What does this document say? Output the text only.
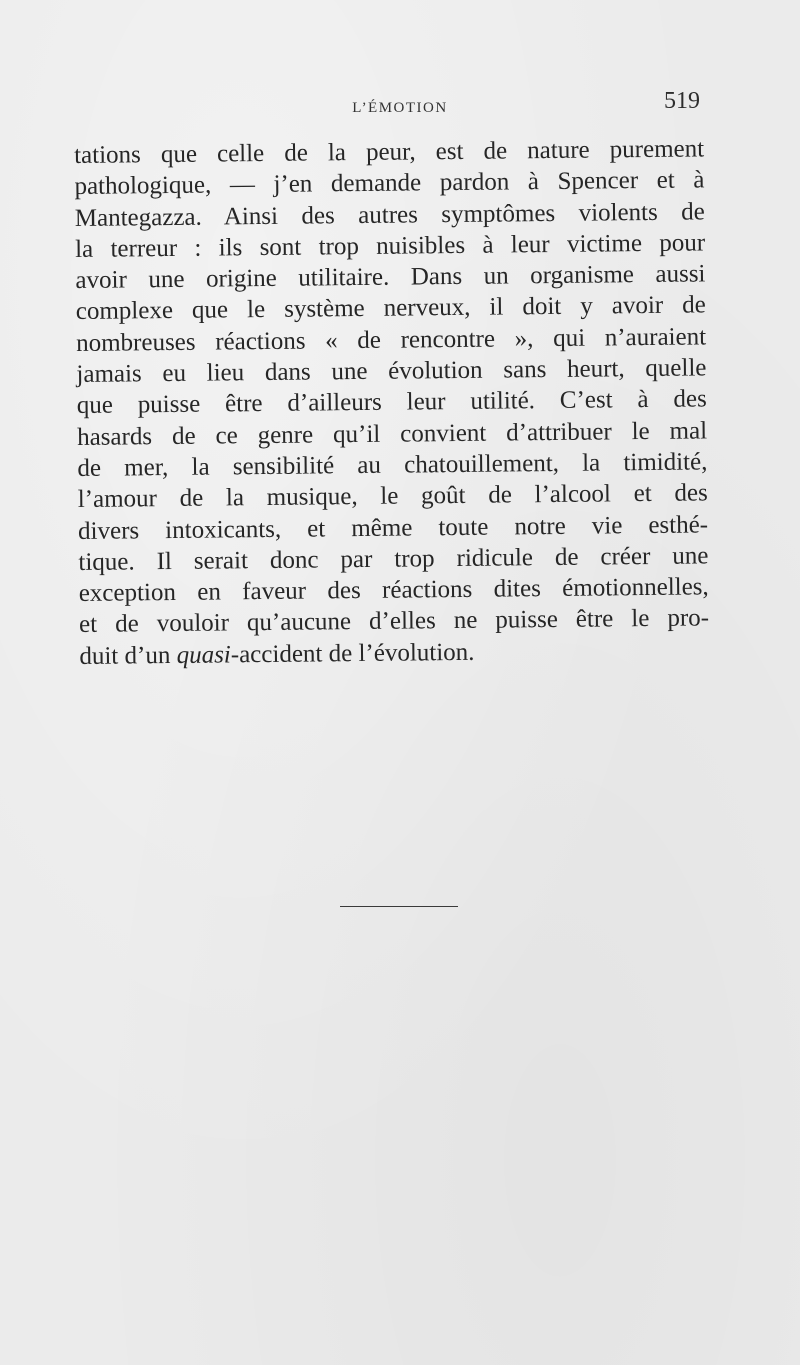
L’ÉMOTION	519
tations que celle de la peur, est de nature purement
pathologique, — j’en demande pardon à Spencer et à
Mantegazza. Ainsi des autres symptômes violents de
la terreur : ils sont trop nuisibles à leur victime pour
avoir une origine utilitaire. Dans un organisme aussi
complexe que le système nerveux, il doit y avoir de
nombreuses réactions « de rencontre », qui n’auraient
jamais eu lieu dans une évolution sans heurt, quelle
que puisse être d’ailleurs leur utilité. C’est à des
hasards de ce genre qu’il convient d’attribuer le mal
de mer, la sensibilité au chatouillement, la timidité,
l’amour de la musique, le goût de l’alcool et des
divers intoxicants, et même toute notre vie esthé-
tique. Il serait donc par trop ridicule de créer une
exception en faveur des réactions dites émotionnelles,
et de vouloir qu’aucune d’elles ne puisse être le pro-
duit d’un quasi-accident de l’évolution.
